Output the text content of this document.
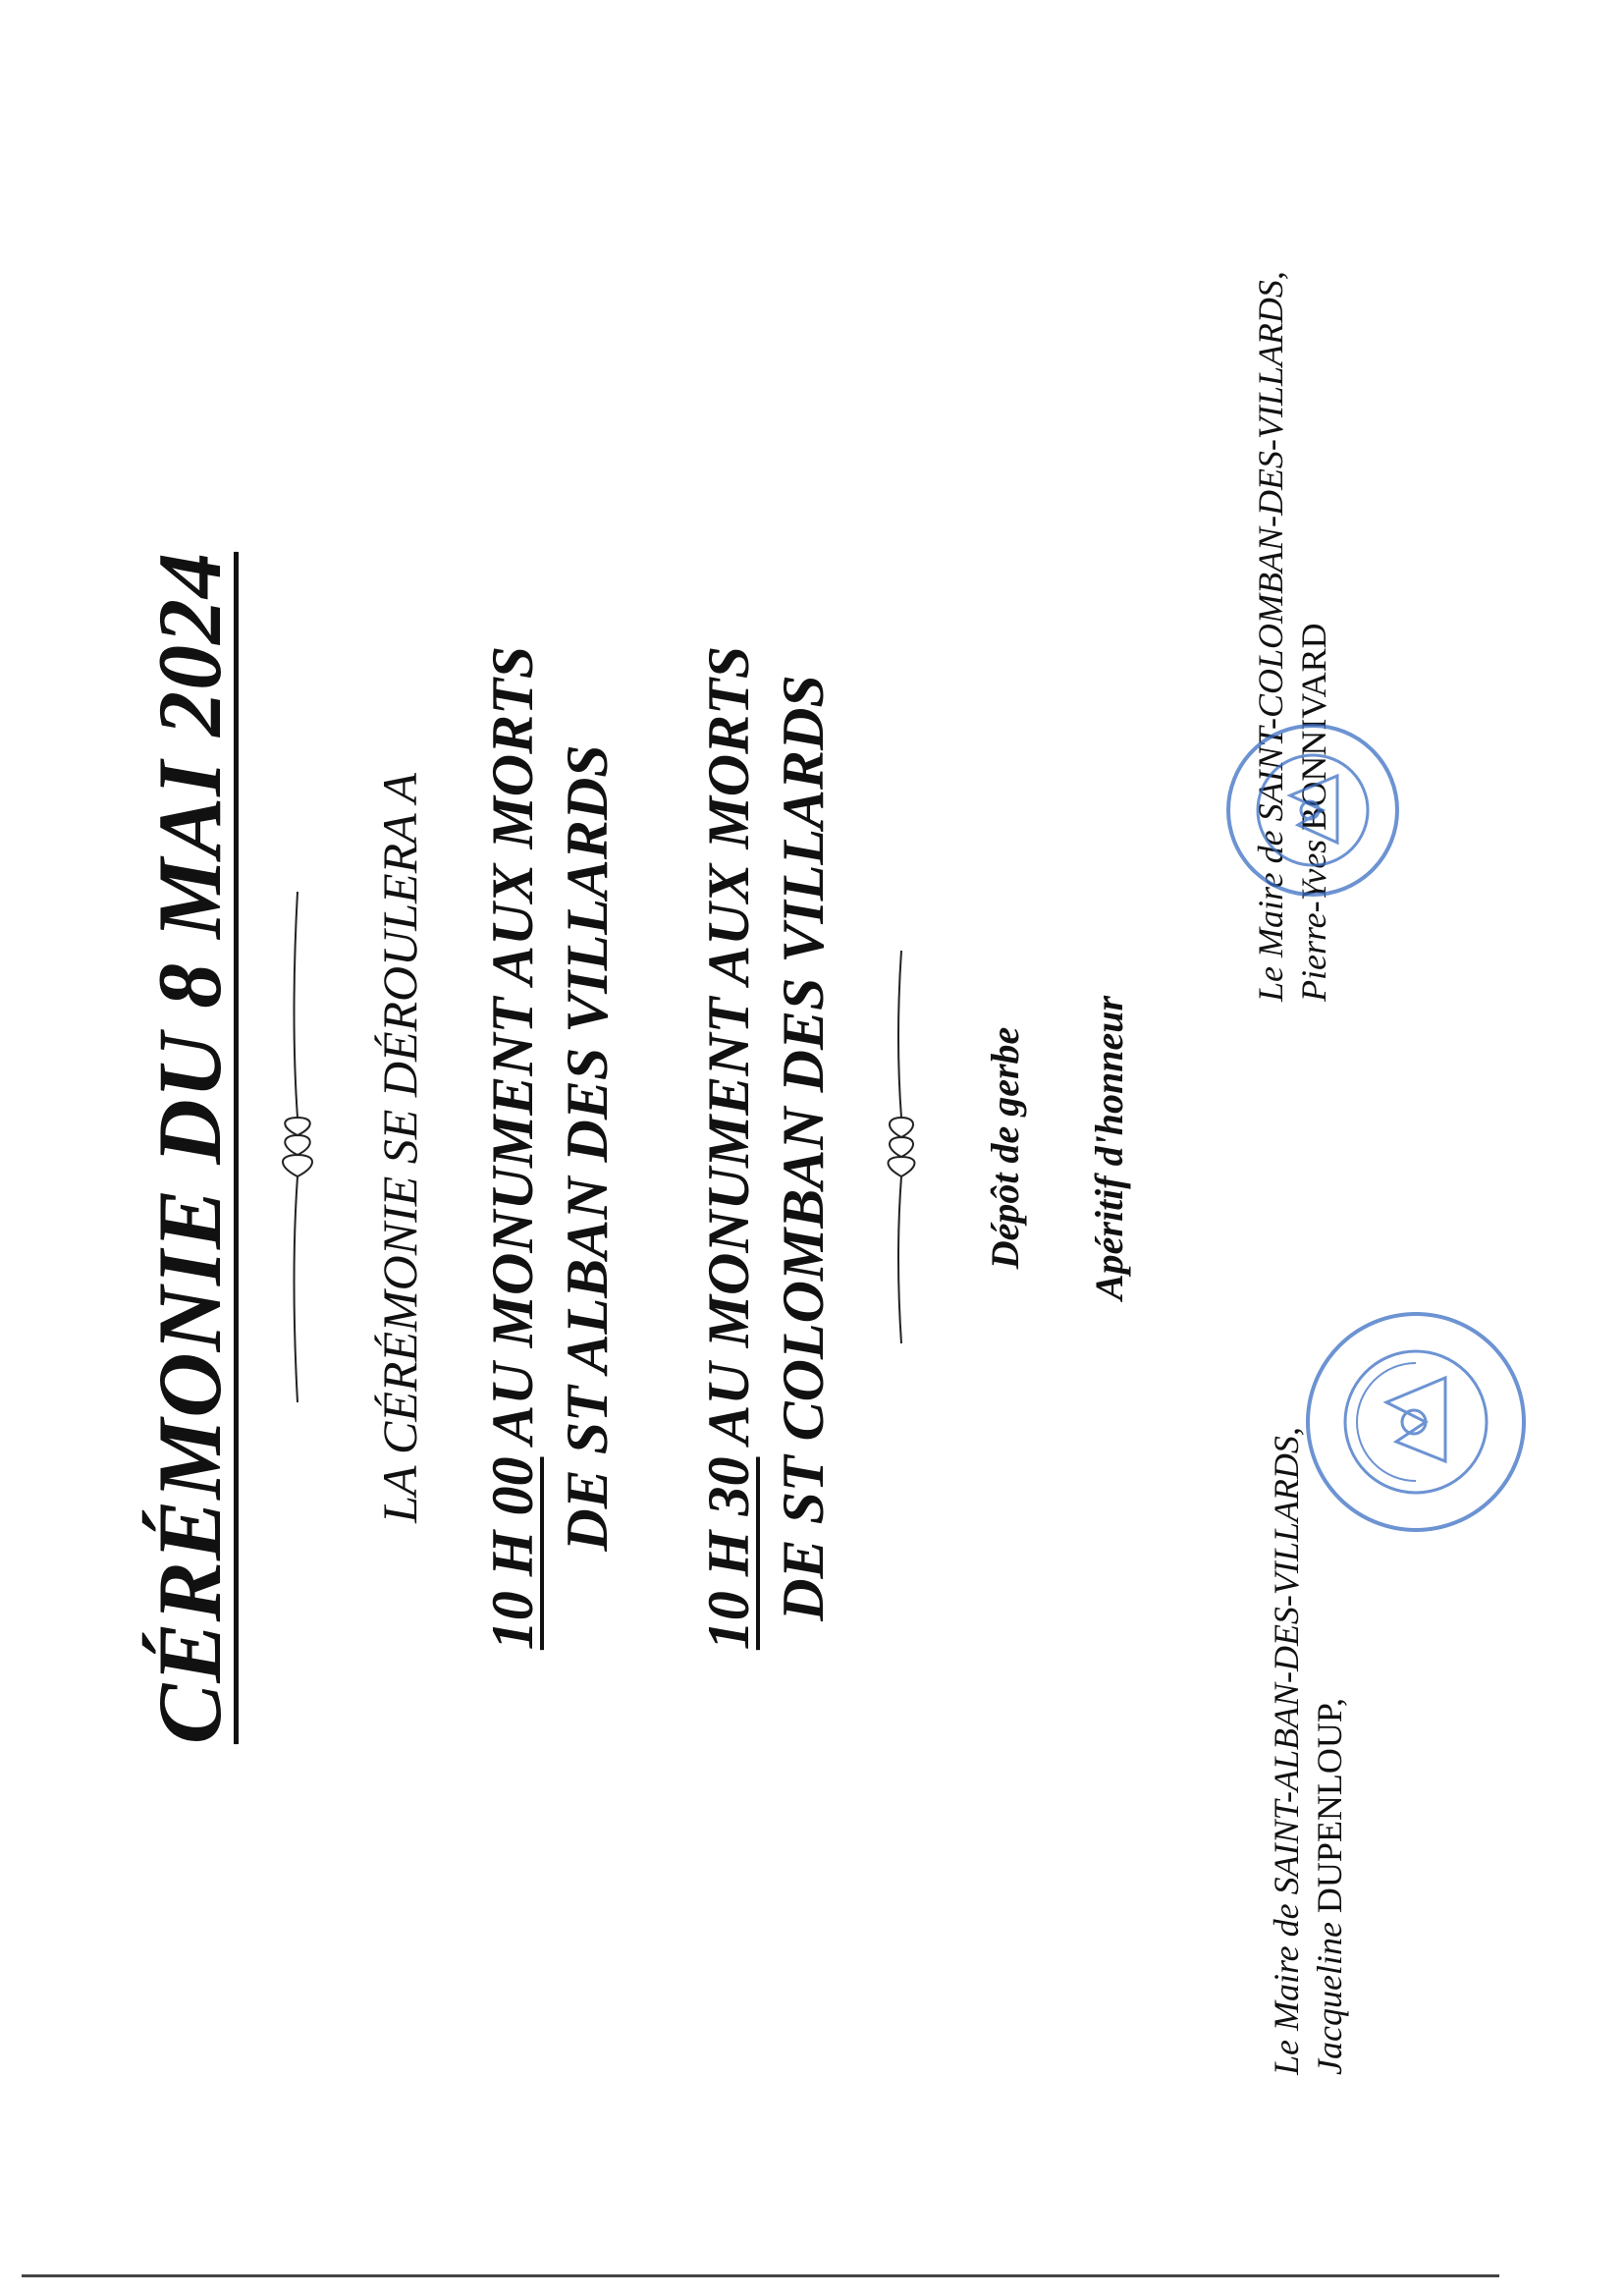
CÉRÉMONIE DU 8 MAI 2024	LA CÉRÉMONIE SE DÉROULERA A
10 H 00 AU MONUMENT AUX MORTS DE ST ALBAN DES VILLARDS
10 H 30 AU MONUMENT AUX MORTS DE ST COLOMBAN DES VILLARDS	Dépôt de gerbe Apéritif d'honneur
Le Maire de SAINT-ALBAN-DES-VILLARDS, Jacqueline DUPENLOUP,
Le Maire de SAINT-COLOMBAN-DES-VILLARDS, Pierre-Yves BONNIVARD
